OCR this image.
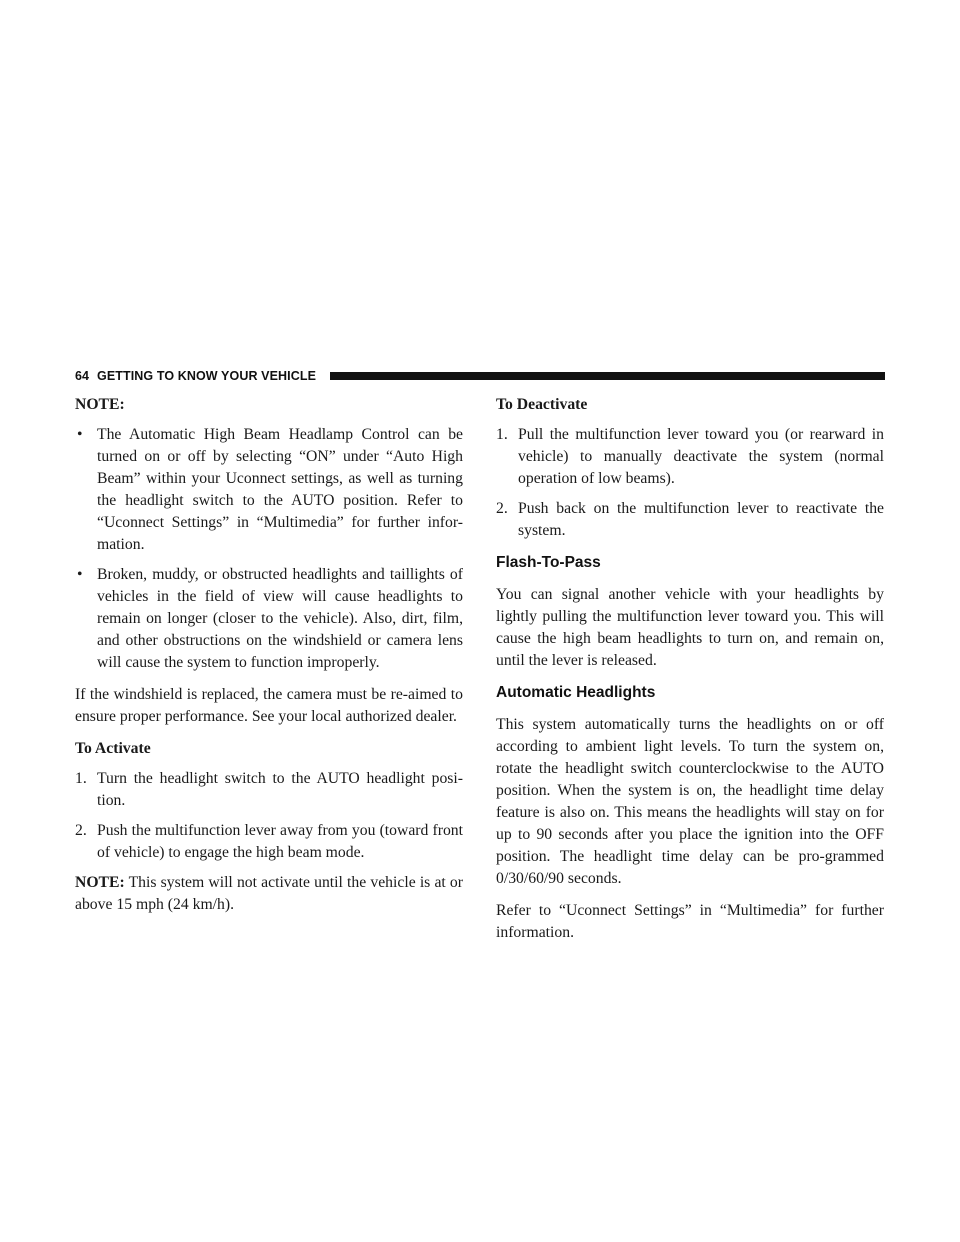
64 GETTING TO KNOW YOUR VEHICLE

NOTE:

• The Automatic High Beam Headlamp Control can be turned on or off by selecting “ON” under “Auto High Beam” within your Uconnect settings, as well as turning the headlight switch to the AUTO position. Refer to “Uconnect Settings” in “Multimedia” for further infor-mation.
• Broken, muddy, or obstructed headlights and taillights of vehicles in the field of view will cause headlights to remain on longer (closer to the vehicle). Also, dirt, film, and other obstructions on the windshield or camera lens will cause the system to function improperly.

If the windshield is replaced, the camera must be re-aimed to ensure proper performance. See your local authorized dealer.

To Activate

1. Turn the headlight switch to the AUTO headlight posi-tion.
2. Push the multifunction lever away from you (toward front of vehicle) to engage the high beam mode.

NOTE: This system will not activate until the vehicle is at or above 15 mph (24 km/h).

To Deactivate

1. Pull the multifunction lever toward you (or rearward in vehicle) to manually deactivate the system (normal operation of low beams).
2. Push back on the multifunction lever to reactivate the system.

Flash-To-Pass

You can signal another vehicle with your headlights by lightly pulling the multifunction lever toward you. This will cause the high beam headlights to turn on, and remain on, until the lever is released.

Automatic Headlights

This system automatically turns the headlights on or off according to ambient light levels. To turn the system on, rotate the headlight switch counterclockwise to the AUTO position. When the system is on, the headlight time delay feature is also on. This means the headlights will stay on for up to 90 seconds after you place the ignition into the OFF position. The headlight time delay can be pro-grammed 0/30/60/90 seconds.

Refer to “Uconnect Settings” in “Multimedia” for further information.
